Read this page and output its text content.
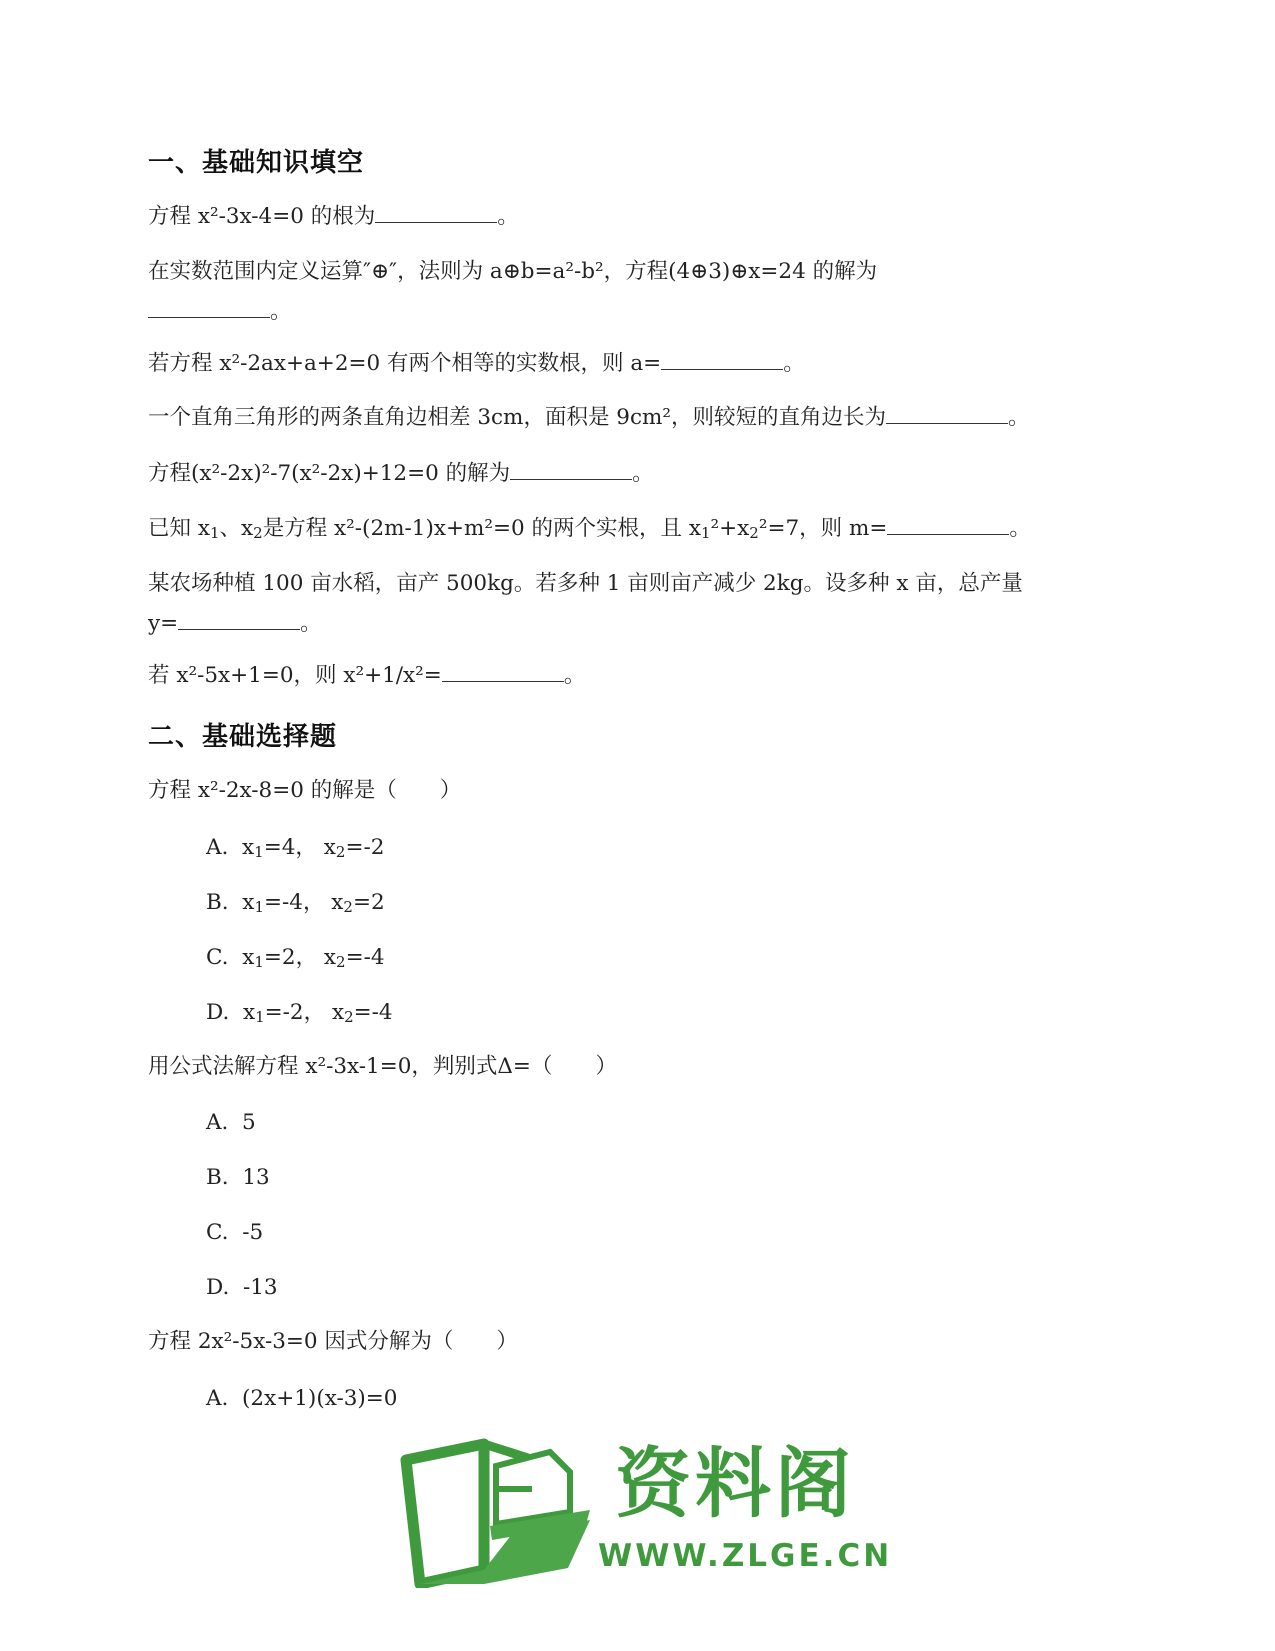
一、基础知识填空
方程 x²-3x-4=0 的根为	。
在实数范围内定义运算″⊕″，法则为 a⊕b=a²-b²，方程(4⊕3)⊕x=24 的解为
。
若方程 x²-2ax+a+2=0 有两个相等的实数根，则 a=	。
一个直角三角形的两条直角边相差 3cm，面积是 9cm²，则较短的直角边长为	。
方程(x²-2x)²-7(x²-2x)+12=0 的解为	。
已知 $x_1$、$x_2$是方程 x²-(2m-1)x+m²=0 的两个实根，且 $x_1^2+x_2^2=7$，则 m=	。
某农场种植 100 亩水稻，亩产 500kg。若多种 1 亩则亩产减少 2kg。设多种 x 亩，总产量
y=	。
若 x²-5x+1=0，则 x²+1/x²=	。
二、基础选择题
方程 x²-2x-8=0 的解是（　　）
A.  $x_1=4$， $x_2=-2$
B.  $x_1=-4$， $x_2=2$
C.  $x_1=2$， $x_2=-4$
D.  $x_1=-2$， $x_2=-4$
用公式法解方程 x²-3x-1=0，判别式Δ=（　　）
A. 5
B. 13
C. -5
D. -13
方程 2x²-5x-3=0 因式分解为（　　）
A. (2x+1)(x-3)=0
资料阁
WWW.ZLGE.CN
